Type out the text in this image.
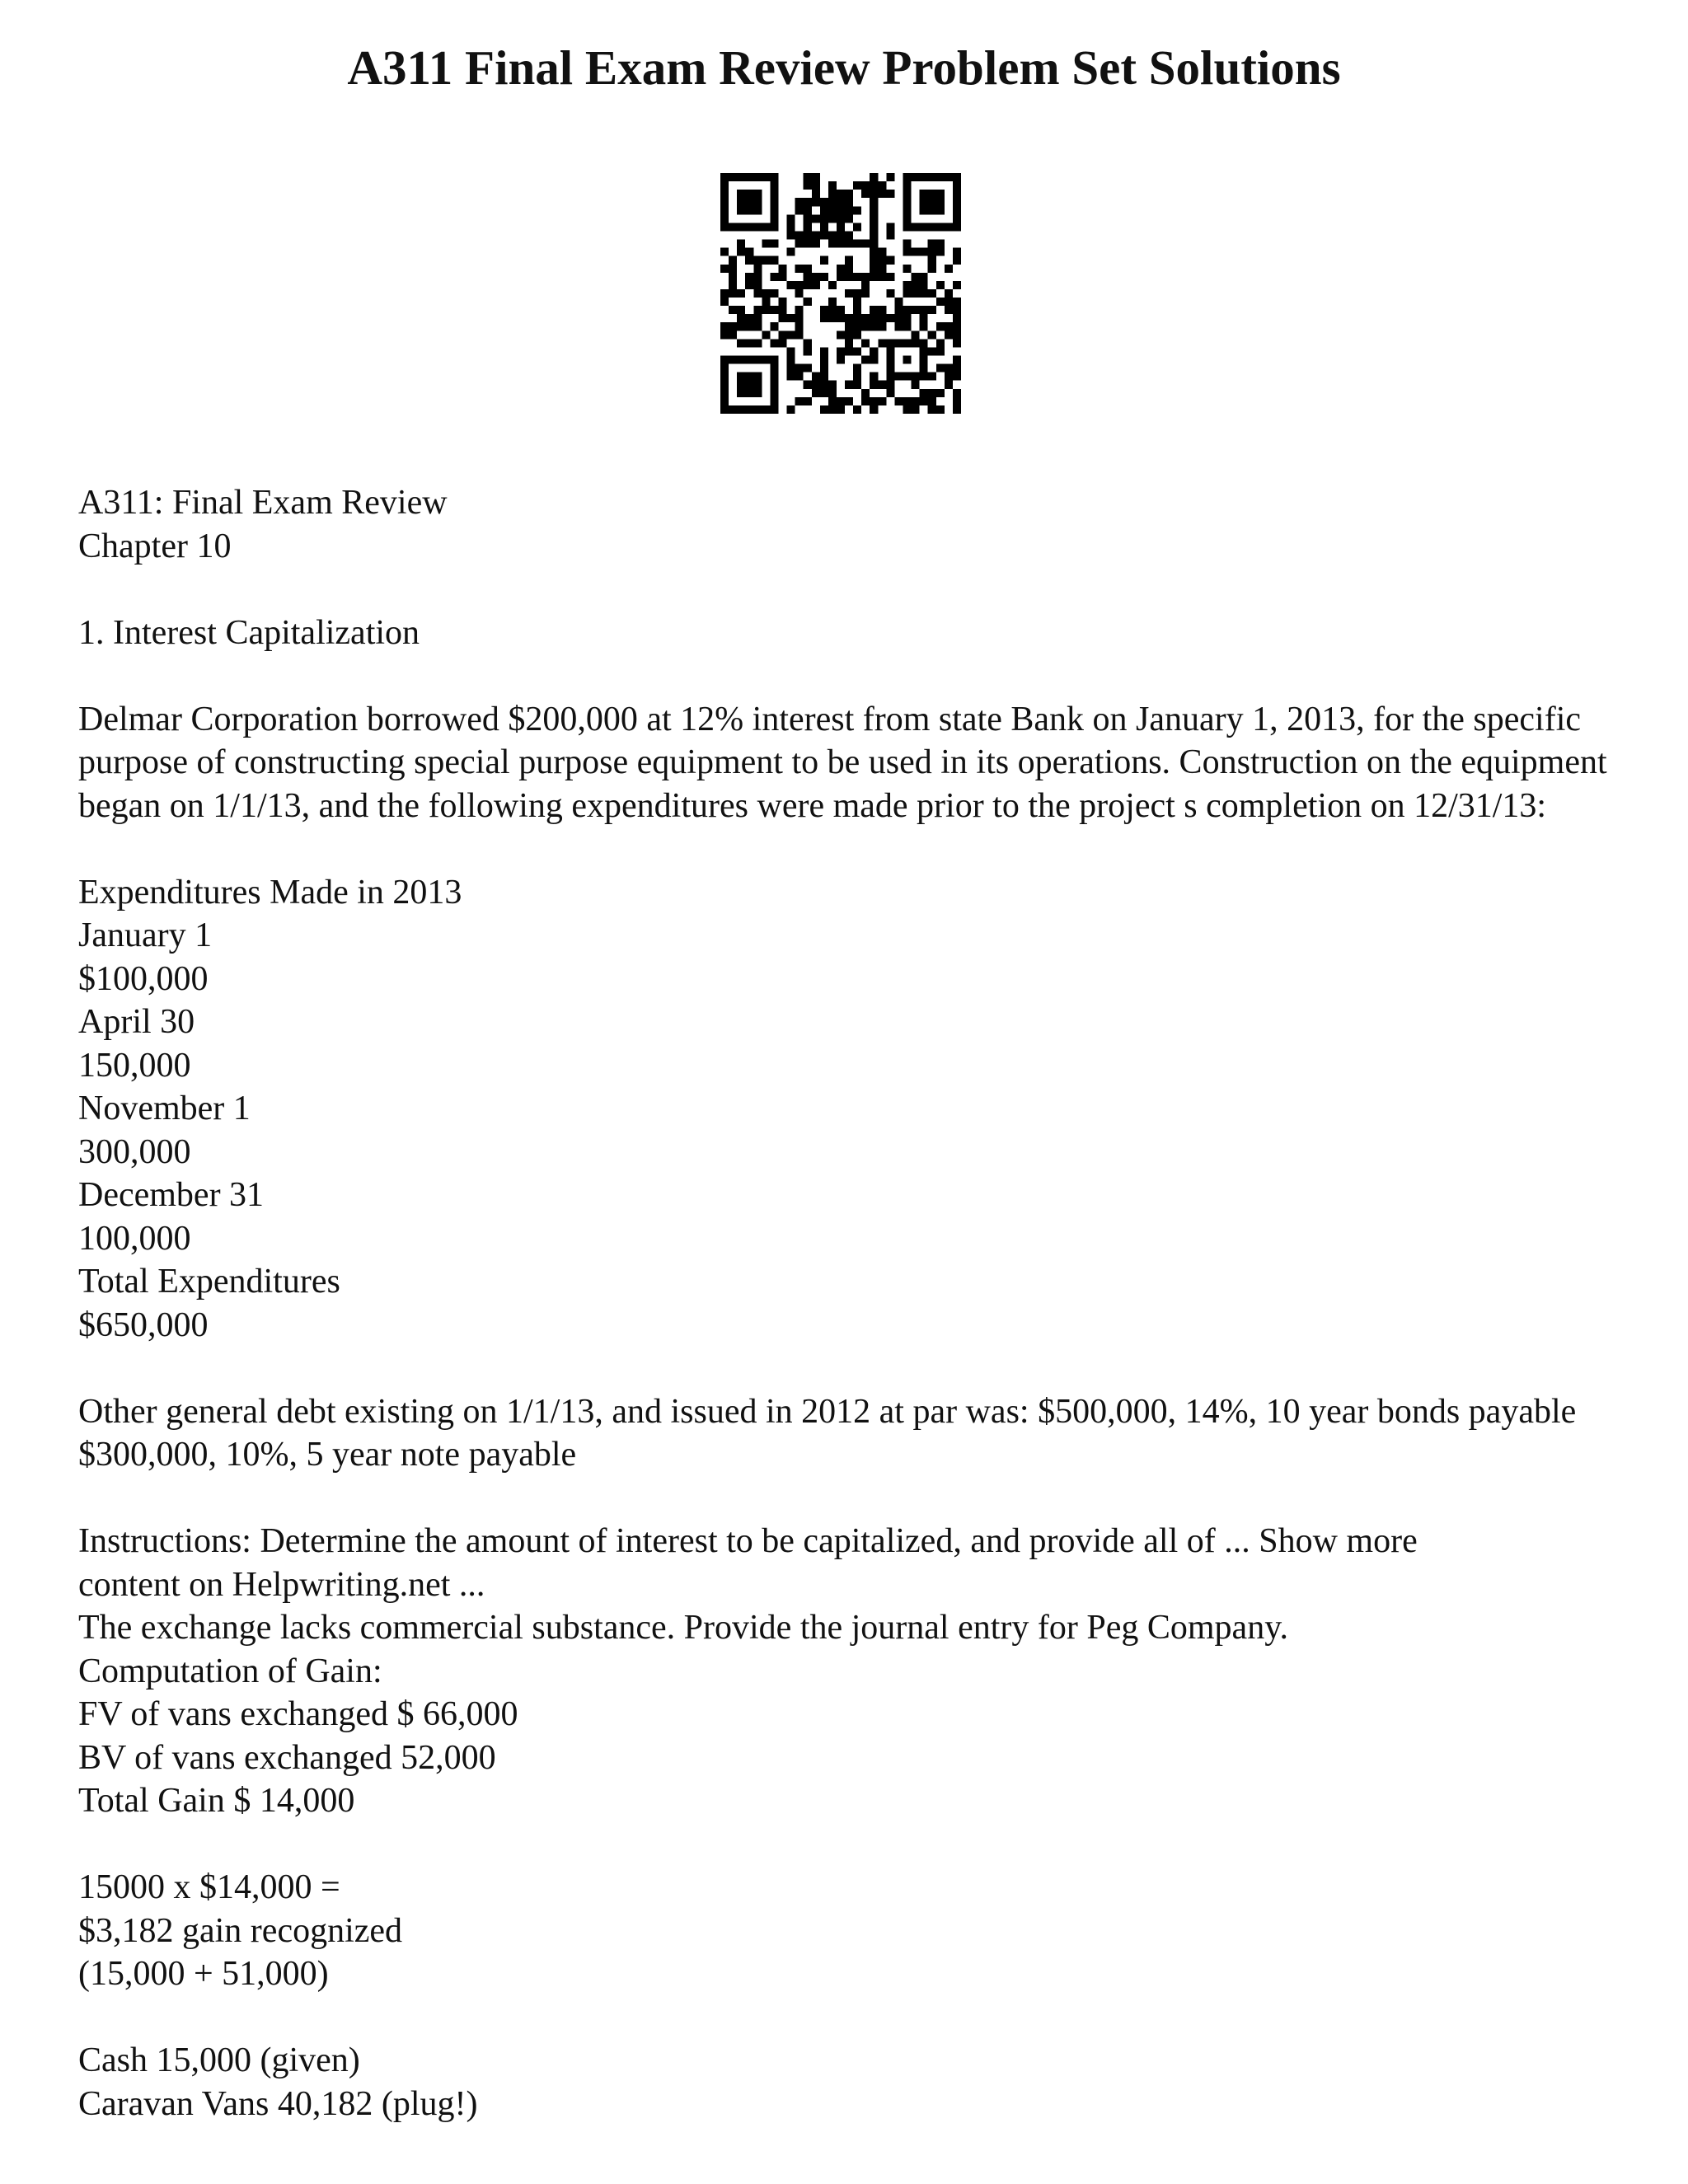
A311 Final Exam Review Problem Set Solutions
A311: Final Exam Review
Chapter 10
1. Interest Capitalization
Delmar Corporation borrowed $200,000 at 12% interest from state Bank on January 1, 2013, for the specific purpose of constructing special purpose equipment to be used in its operations. Construction on the equipment began on 1/1/13, and the following expenditures were made prior to the project s completion on 12/31/13:
Expenditures Made in 2013
January 1
$100,000
April 30
150,000
November 1
300,000
December 31
100,000
Total Expenditures
$650,000
Other general debt existing on 1/1/13, and issued in 2012 at par was: $500,000, 14%, 10 year bonds payable $300,000, 10%, 5 year note payable
Instructions: Determine the amount of interest to be capitalized, and provide all of ... Show more
content on Helpwriting.net ...
The exchange lacks commercial substance. Provide the journal entry for Peg Company.
Computation of Gain:
FV of vans exchanged $ 66,000
BV of vans exchanged 52,000
Total Gain $ 14,000
15000 x $14,000 =
$3,182 gain recognized
(15,000 + 51,000)
Cash 15,000 (given)
Caravan Vans 40,182 (plug!)
